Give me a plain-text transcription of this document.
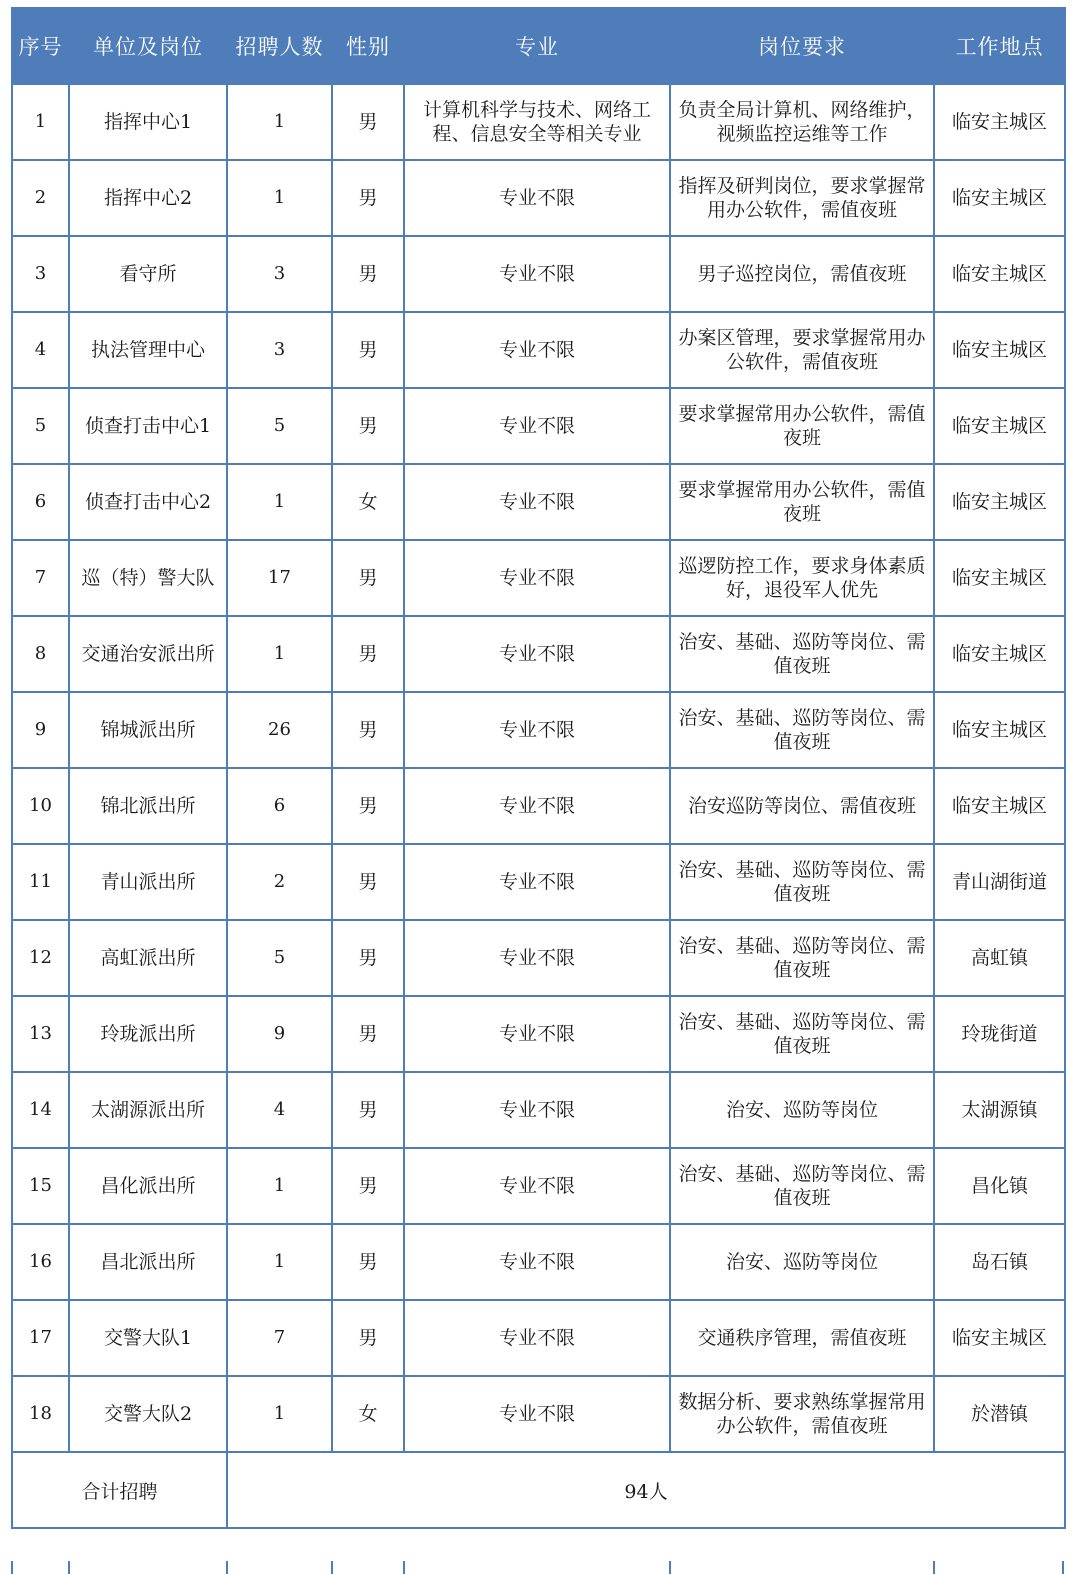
序号	单位及岗位	招聘人数	性别	专业	岗位要求	工作地点
1	指挥中心1	1	男	计算机科学与技术、网络工程、信息安全等相关专业	负责全局计算机、网络维护，视频监控运维等工作	临安主城区
2	指挥中心2	1	男	专业不限	指挥及研判岗位，要求掌握常用办公软件，需值夜班	临安主城区
3	看守所	3	男	专业不限	男子巡控岗位，需值夜班	临安主城区
4	执法管理中心	3	男	专业不限	办案区管理，要求掌握常用办公软件，需值夜班	临安主城区
5	侦查打击中心1	5	男	专业不限	要求掌握常用办公软件，需值夜班	临安主城区
6	侦查打击中心2	1	女	专业不限	要求掌握常用办公软件，需值夜班	临安主城区
7	巡（特）警大队	17	男	专业不限	巡逻防控工作，要求身体素质好，退役军人优先	临安主城区
8	交通治安派出所	1	男	专业不限	治安、基础、巡防等岗位、需值夜班	临安主城区
9	锦城派出所	26	男	专业不限	治安、基础、巡防等岗位、需值夜班	临安主城区
10	锦北派出所	6	男	专业不限	治安巡防等岗位、需值夜班	临安主城区
11	青山派出所	2	男	专业不限	治安、基础、巡防等岗位、需值夜班	青山湖街道
12	高虹派出所	5	男	专业不限	治安、基础、巡防等岗位、需值夜班	高虹镇
13	玲珑派出所	9	男	专业不限	治安、基础、巡防等岗位、需值夜班	玲珑街道
14	太湖源派出所	4	男	专业不限	治安、巡防等岗位	太湖源镇
15	昌化派出所	1	男	专业不限	治安、基础、巡防等岗位、需值夜班	昌化镇
16	昌北派出所	1	男	专业不限	治安、巡防等岗位	岛石镇
17	交警大队1	7	男	专业不限	交通秩序管理，需值夜班	临安主城区
18	交警大队2	1	女	专业不限	数据分析、要求熟练掌握常用办公软件，需值夜班	於潜镇
合计招聘		94人				
